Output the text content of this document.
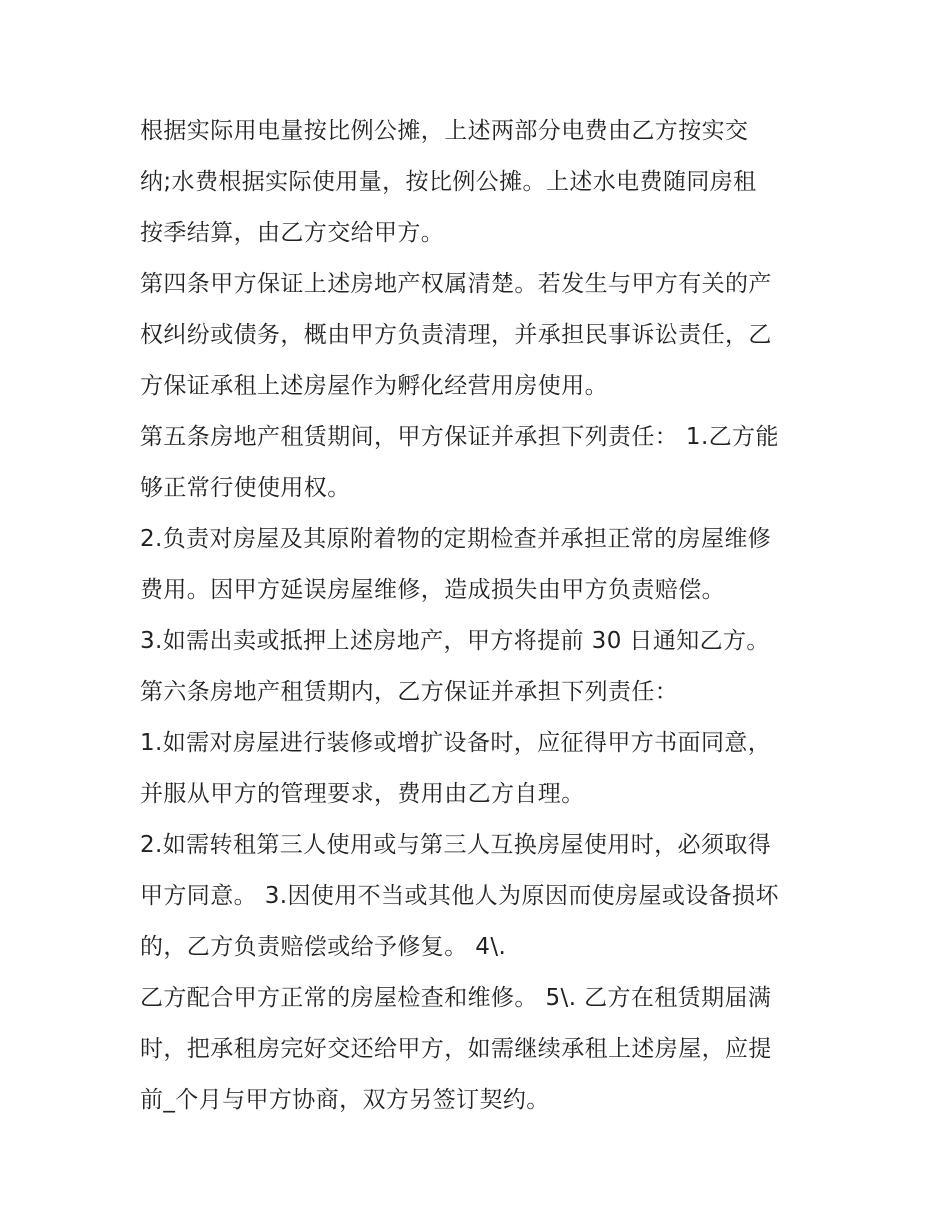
根据实际用电量按比例公摊，上述两部分电费由乙方按实交
纳;水费根据实际使用量，按比例公摊。上述水电费随同房租
按季结算，由乙方交给甲方。
第四条甲方保证上述房地产权属清楚。若发生与甲方有关的产
权纠纷或债务，概由甲方负责清理，并承担民事诉讼责任，乙
方保证承租上述房屋作为孵化经营用房使用。
第五条房地产租赁期间，甲方保证并承担下列责任： 1.乙方能
够正常行使使用权。
2.负责对房屋及其原附着物的定期检查并承担正常的房屋维修
费用。因甲方延误房屋维修，造成损失由甲方负责赔偿。
3.如需出卖或抵押上述房地产，甲方将提前 30 日通知乙方。
第六条房地产租赁期内，乙方保证并承担下列责任：
1.如需对房屋进行装修或增扩设备时，应征得甲方书面同意，
并服从甲方的管理要求，费用由乙方自理。
2.如需转租第三人使用或与第三人互换房屋使用时，必须取得
甲方同意。 3.因使用不当或其他人为原因而使房屋或设备损坏
的，乙方负责赔偿或给予修复。 4\.
乙方配合甲方正常的房屋检查和维修。 5\. 乙方在租赁期届满
时，把承租房完好交还给甲方，如需继续承租上述房屋，应提
前_个月与甲方协商，双方另签订契约。
